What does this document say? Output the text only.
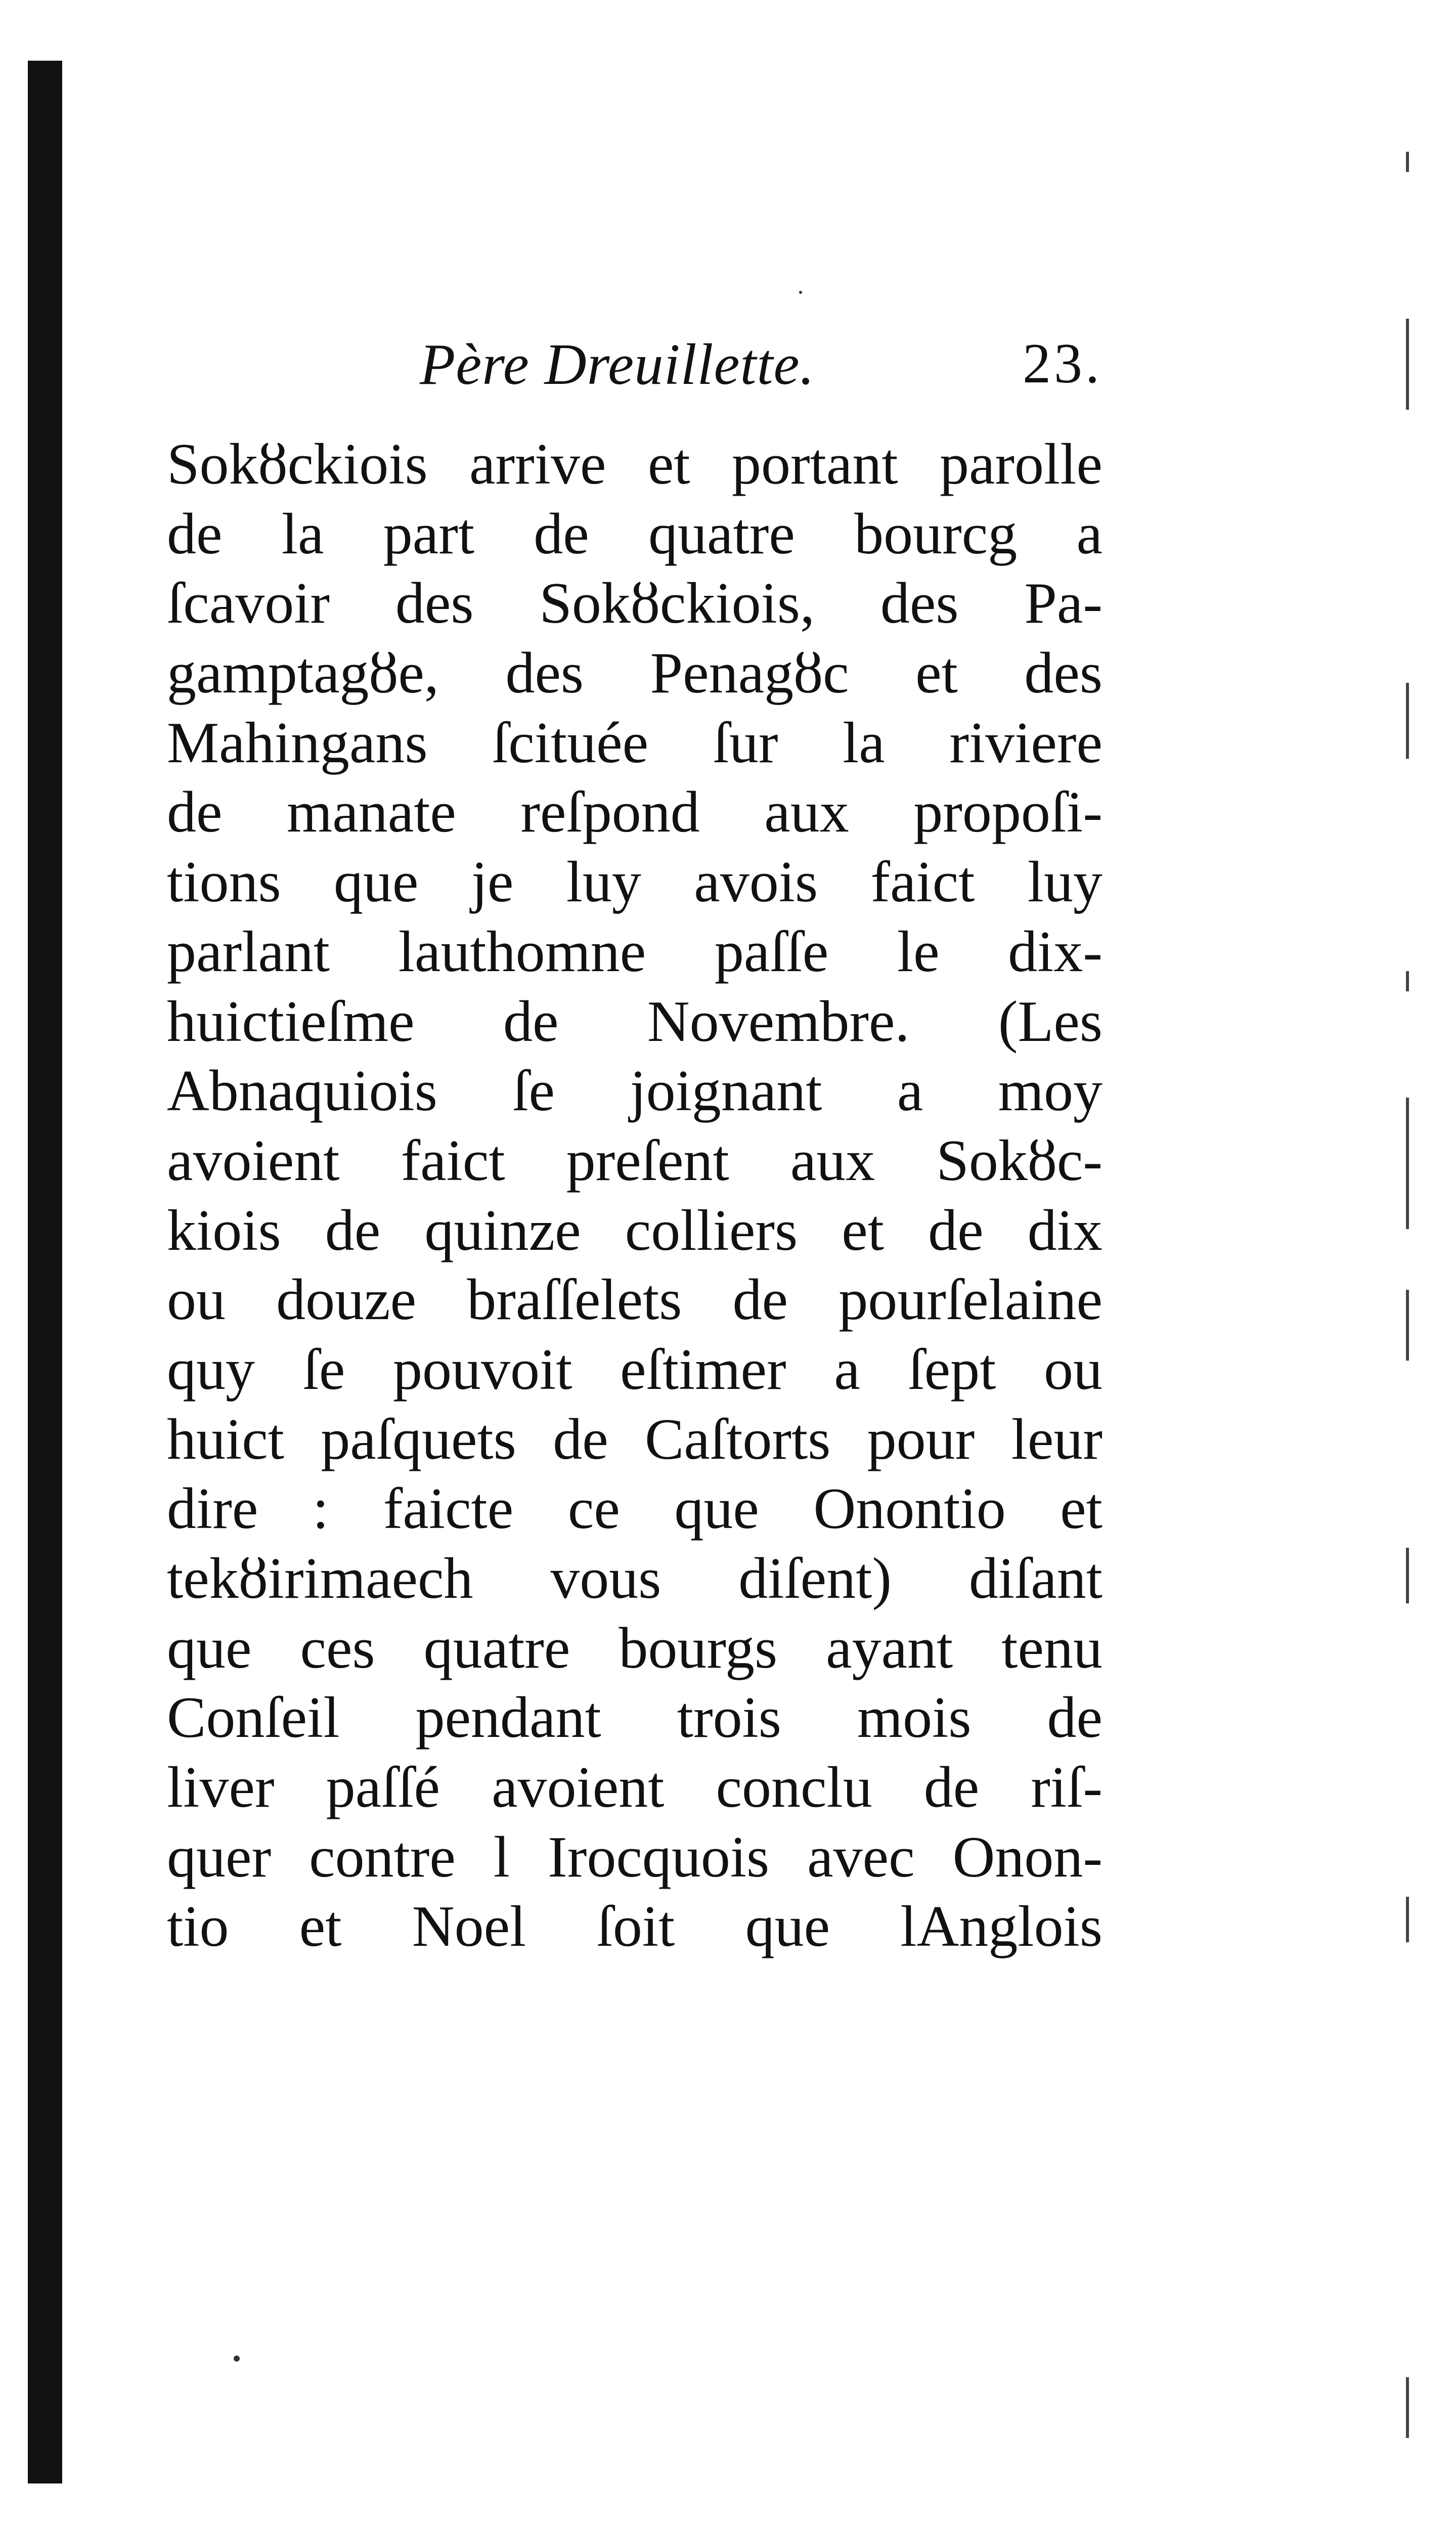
Père Dreuillette.	23.
Sokȣckiois arrive et portant parolle
de la part de quatre bourcg a
ſcavoir des Sokȣckiois, des Pa-
gamptagȣe, des Penagȣc et des
Mahingans ſcituée ſur la riviere
de manate reſpond aux propoſi-
tions que je luy avois faict luy
parlant lauthomne paſſe le dix-
huictieſme de Novembre. (Les
Abnaquiois ſe joignant a moy
avoient faict preſent aux Sokȣc-
kiois de quinze colliers et de dix
ou douze braſſelets de pourſelaine
quy ſe pouvoit eſtimer a ſept ou
huict paſquets de Caſtorts pour leur
dire : faicte ce que Onontio et
tekȣirimaech vous diſent) diſant
que ces quatre bourgs ayant tenu
Conſeil pendant trois mois de
liver paſſé avoient conclu de riſ-
quer contre l Irocquois avec Onon-
tio et Noel ſoit que lAnglois
